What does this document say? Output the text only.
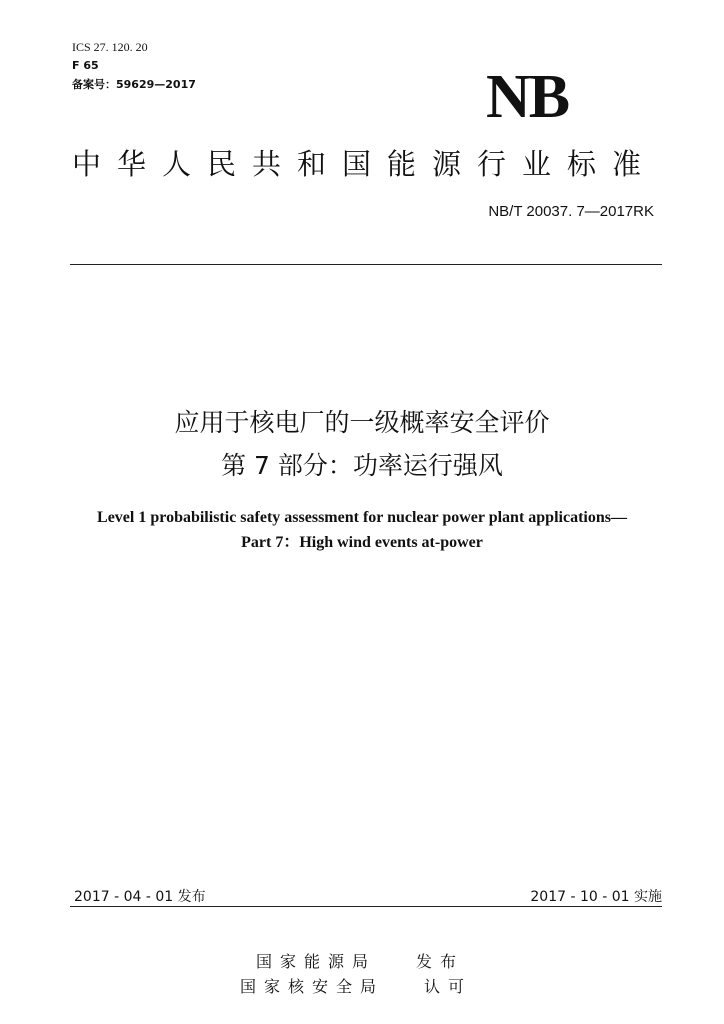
ICS 27. 120. 20
F 65
备案号：59629—2017	NB
中华人民共和国能源行业标准
NB/T 20037. 7—2017RK
应用于核电厂的一级概率安全评价
第 7 部分：功率运行强风
Level 1 probabilistic safety assessment for nuclear power plant applications—
Part 7：High wind events at-power
2017 - 04 - 01 发布	2017 - 10 - 01 实施
国家能源局 发布
国家核安全局 认可
